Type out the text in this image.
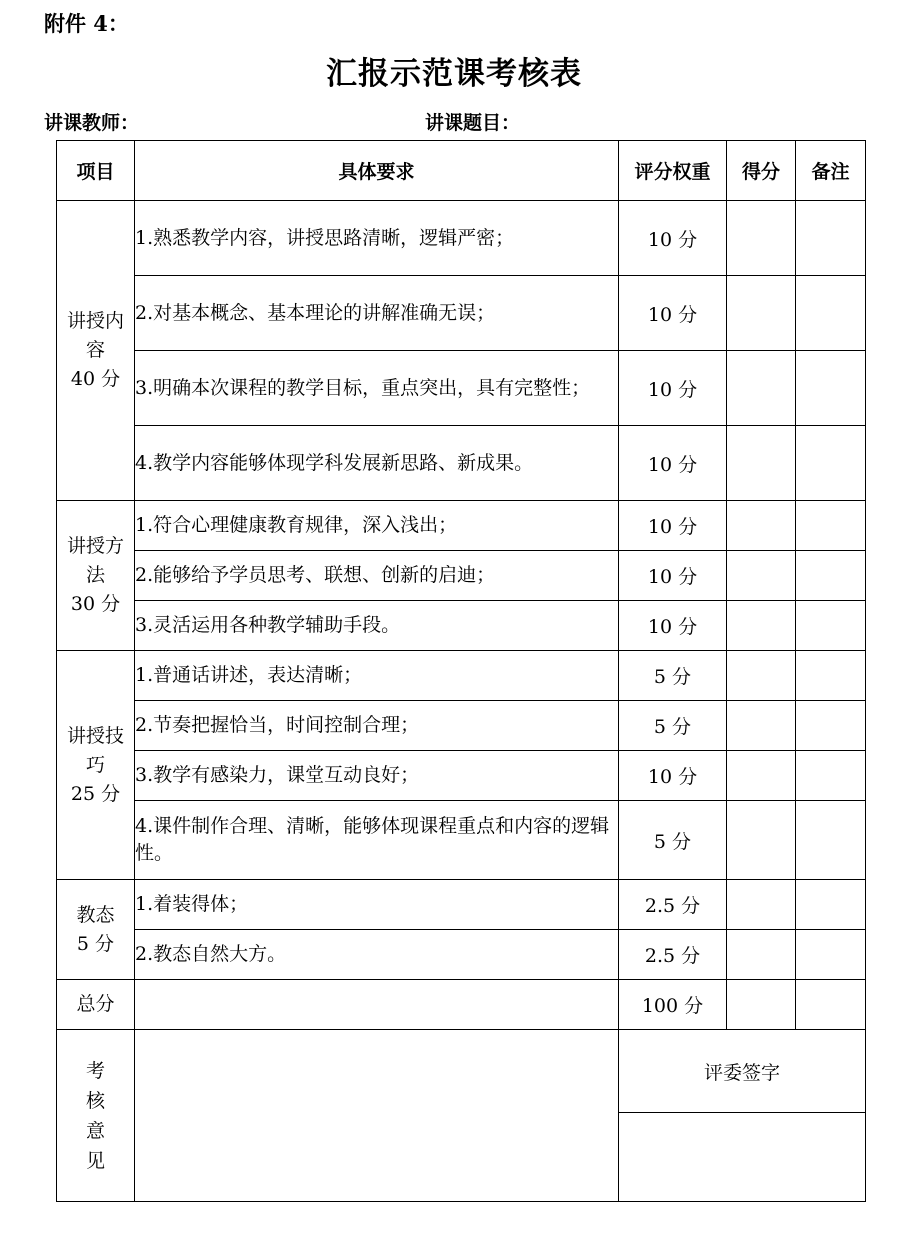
附件 4：
汇报示范课考核表
讲课教师：	讲课题目：
项目	具体要求	评分权重	得分	备注

讲授内
容
40 分	1.熟悉教学内容，讲授思路清晰，逻辑严密；	10 分		
	2.对基本概念、基本理论的讲解准确无误；	10 分		
	3.明确本次课程的教学目标，重点突出，具有完整性；	10 分		
	4.教学内容能够体现学科发展新思路、新成果。	10 分		

讲授方
法
30 分	1.符合心理健康教育规律，深入浅出；	10 分		
	2.能够给予学员思考、联想、创新的启迪；	10 分		
	3.灵活运用各种教学辅助手段。	10 分		

讲授技
巧
25 分	1.普通话讲述，表达清晰；	5 分		
	2.节奏把握恰当，时间控制合理；	5 分		
	3.教学有感染力，课堂互动良好；	10 分		
	4.课件制作合理、清晰，能够体现课程重点和内容的逻辑性。	5 分		

教态
5 分	1.着装得体；	2.5 分		
	2.教态自然大方。	2.5 分		
总分		100 分		

考
核
意
见		评委签字		
